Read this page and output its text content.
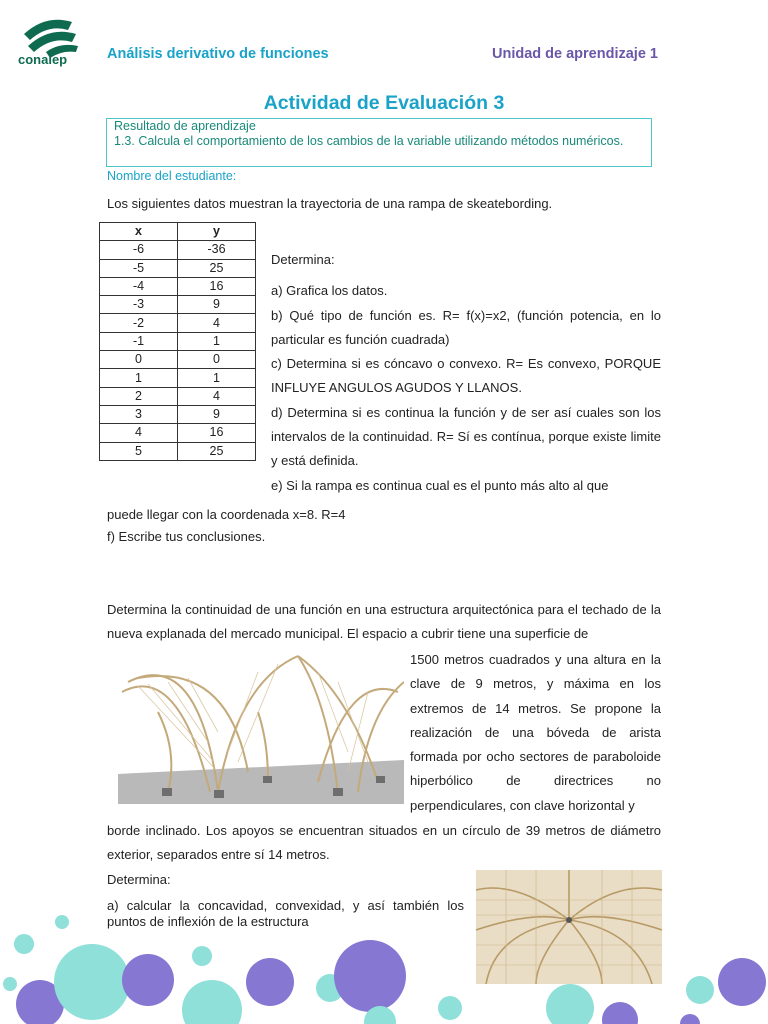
conalep	Análisis derivativo de funciones	Unidad de aprendizaje 1
Actividad de Evaluación 3
Resultado de aprendizaje
1.3. Calcula el comportamiento de los cambios de la variable utilizando métodos numéricos.
Nombre del estudiante:
Los siguientes datos muestran la trayectoria de una rampa de skeatebording.
x	y
-6	-36
-5	25
-4	16
-3	9
-2	4
-1	1
0	0
1	1
2	4
3	9
4	16
5	25

Determina:

a) Grafica los datos.

b) Qué tipo de función es. R= f(x)=x2, (función potencia, en lo particular es función cuadrada)

c) Determina si es cóncavo o convexo. R= Es convexo, PORQUE INFLUYE ANGULOS AGUDOS Y LLANOS.

d) Determina si es continua la función y de ser así cuales son los intervalos de la continuidad. R= Sí es contínua, porque existe limite y está definida.

e) Si la rampa es continua cual es el punto más alto al que

puede llegar con la coordenada x=8. R=4
f) Escribe tus conclusiones.
Determina la continuidad de una función en una estructura arquitectónica para el techado de la nueva explanada del mercado municipal. El espacio a cubrir tiene una superficie de
1500 metros cuadrados y una altura en la clave de 9 metros, y máxima en los extremos de 14 metros. Se propone la realización de una bóveda de arista formada por ocho sectores de paraboloide hiperbólico de directrices no perpendiculares, con clave horizontal y
borde inclinado. Los apoyos se encuentran situados en un círculo de 39 metros de diámetro exterior, separados entre sí 14 metros.
Determina:
a) calcular la concavidad, convexidad, y así también los puntos de inflexión de la estructura
